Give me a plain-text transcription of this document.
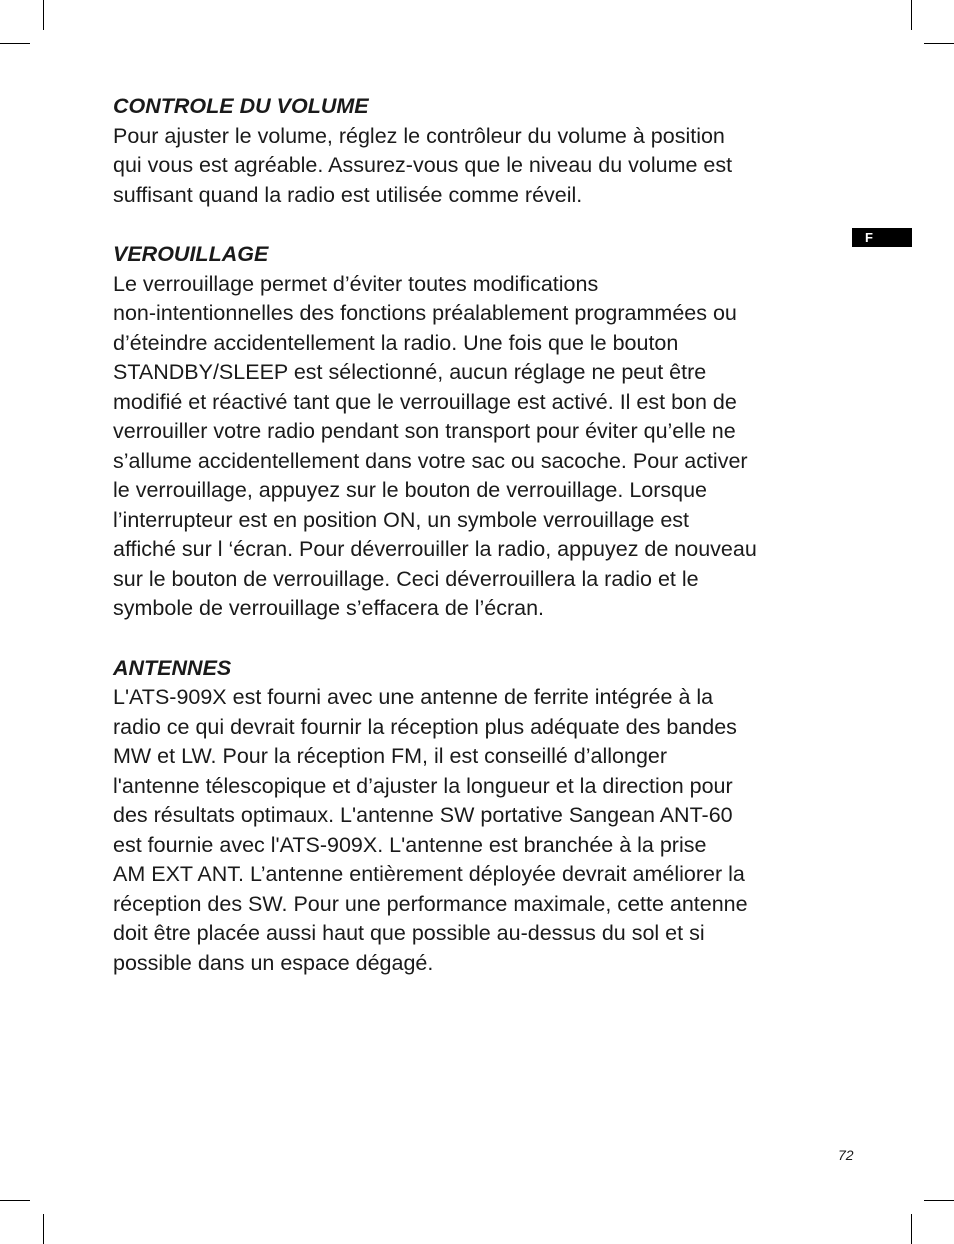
F

CONTROLE DU VOLUME

Pour ajuster le volume, réglez le contrôleur du volume à position
qui vous est agréable. Assurez-vous que le niveau du volume est
suffisant quand la radio est utilisée comme réveil.

VEROUILLAGE

Le verrouillage permet d’éviter toutes modifications
non-intentionnelles des fonctions préalablement programmées ou
d’éteindre accidentellement la radio. Une fois que le bouton
STANDBY/SLEEP est sélectionné, aucun réglage ne peut être
modifié et réactivé tant que le verrouillage est activé. Il est bon de
verrouiller votre radio pendant son transport pour éviter qu’elle ne
s’allume accidentellement dans votre sac ou sacoche. Pour activer
le verrouillage, appuyez sur le bouton de verrouillage. Lorsque
l’interrupteur est en position ON, un symbole verrouillage est
affiché sur l ‘écran. Pour déverrouiller la radio, appuyez de nouveau
sur le bouton de verrouillage. Ceci déverrouillera la radio et le
symbole de verrouillage s’effacera de l’écran.

ANTENNES

L'ATS-909X est fourni avec une antenne de ferrite intégrée à la
radio ce qui devrait fournir la réception plus adéquate des bandes
MW et LW. Pour la réception FM, il est conseillé d’allonger
l'antenne télescopique et d’ajuster la longueur et la direction pour
des résultats optimaux. L'antenne SW portative Sangean ANT-60
est fournie avec l'ATS-909X. L'antenne est branchée à la prise
AM EXT ANT. L’antenne entièrement déployée devrait améliorer la
réception des SW. Pour une performance maximale, cette antenne
doit être placée aussi haut que possible au-dessus du sol et si
possible dans un espace dégagé.
72
